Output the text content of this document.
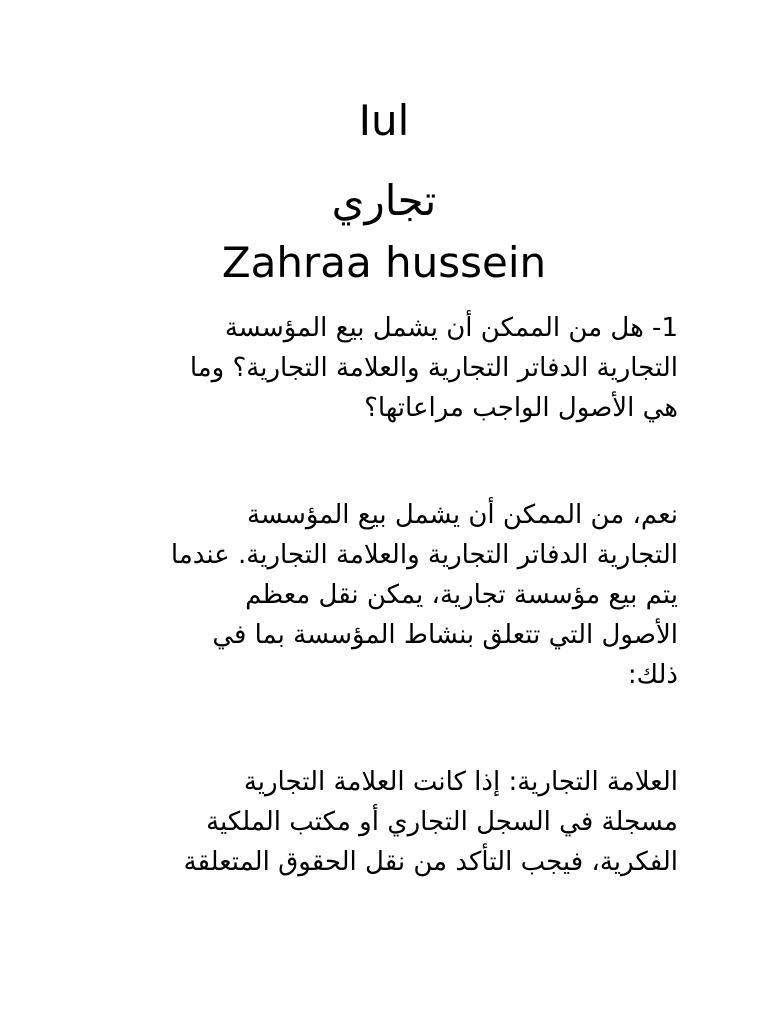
Iul
تجاري
Zahraa hussein
1- هل من الممكن أن يشمل بيع المؤسسة
التجارية الدفاتر التجارية والعلامة التجارية؟ وما
هي الأصول الواجب مراعاتها؟
نعم، من الممكن أن يشمل بيع المؤسسة
التجارية الدفاتر التجارية والعلامة التجارية. عندما
يتم بيع مؤسسة تجارية، يمكن نقل معظم
الأصول التي تتعلق بنشاط المؤسسة بما في
ذلك:
العلامة التجارية: إذا كانت العلامة التجارية
مسجلة في السجل التجاري أو مكتب الملكية
الفكرية، فيجب التأكد من نقل الحقوق المتعلقة
